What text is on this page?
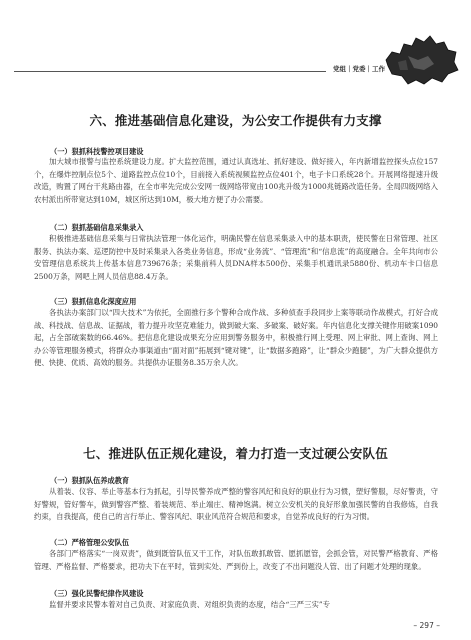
党组｜党委｜工作
六、推进基础信息化建设，为公安工作提供有力支撑
（一）狠抓科技警控项目建设

加大城市报警与监控系统建设力度。扩大监控范围，通过认真选址、抓好建设、做好接入，年内新增监控探头点位157个，在爆炸控制点位5个、道路监控点位10个，目前接入系统视频监控点位401个，电子卡口系统28个。开展网络提速升级改造，购置了网台干兆路由器，在全市率先完成公安网一级网络带宽由100兆升级为1000兆链路改造任务。全局四级网络入农村派出所带宽达到10M，城区所达到10M，极大地方便了办公需要。

（二）狠抓基础信息采集录入

积极推进基础信息采集与日常执法管理一体化运作，明确民警在信息采集录入中的基本职责，使民警在日常管理、社区服务、执法办案、巡逻防控中及时采集录入各类业务信息，形成“业务流”、“管理流”和“信息流”的高度融合。全年共向市公安管理信息系统共上传基本信息739676条；采集前科人员DNA样本500份、采集手机通讯录5880份、机动车卡口信息2500万条，网吧上网人员信息88.4万条。

（三）狠抓信息化深度应用

各执法办案部门以“四大技术”为依托，全面推行多个警种合成作战、多种侦查手段同步上案等联动作战模式，打好合成战、科技战、信息战、证据战，着力提升攻坚克难能力，做到破大案、多破案、破好案。年内信息化支撑关键作用破案1090起，占全部破案数的66.46%。把信息化建设成果充分应用到警务服务中，积极推行网上受理、网上审批、网上查询、网上办公等管理服务模式，将群众办事渠道由“面对面”拓展到“键对键”，让“数据多跑路”，让“群众少跑腿”，为广大群众提供方便、快捷、优质、高效的服务。共提供办证服务8.35万余人次。

七、推进队伍正规化建设，着力打造一支过硬公安队伍
（一）狠抓队伍养成教育

从着装、仪容、举止等基本行为抓起，引导民警养成严整的警容风纪和良好的职业行为习惯，塑好警服，尽好警责，守好警规，管好警车，做到警容严整、着装规范、举止端庄、精神饱满。树立公安机关的良好形象加强民警的自我修炼，自我约束，自我提高，使自己的言行举止、警容风纪、职业风范符合规范和要求，自觉养成良好的行为习惯。

（二）严格管理公安队伍

各部门严格落实“一岗双责”，做到既管队伍又干工作，对队伍敢抓敢管、愿抓愿管，会抓会管，对民警严格教育、严格管理、严格监督、严格要求，把功夫下在平时，管到实处、严到份上，改变了不出问题没人管、出了问题才处理的现象。

（三）强化民警纪律作风建设

监督并要求民警本着对自己负责、对家庭负责、对组织负责的态度，结合“三严三实”专

– 297 –
